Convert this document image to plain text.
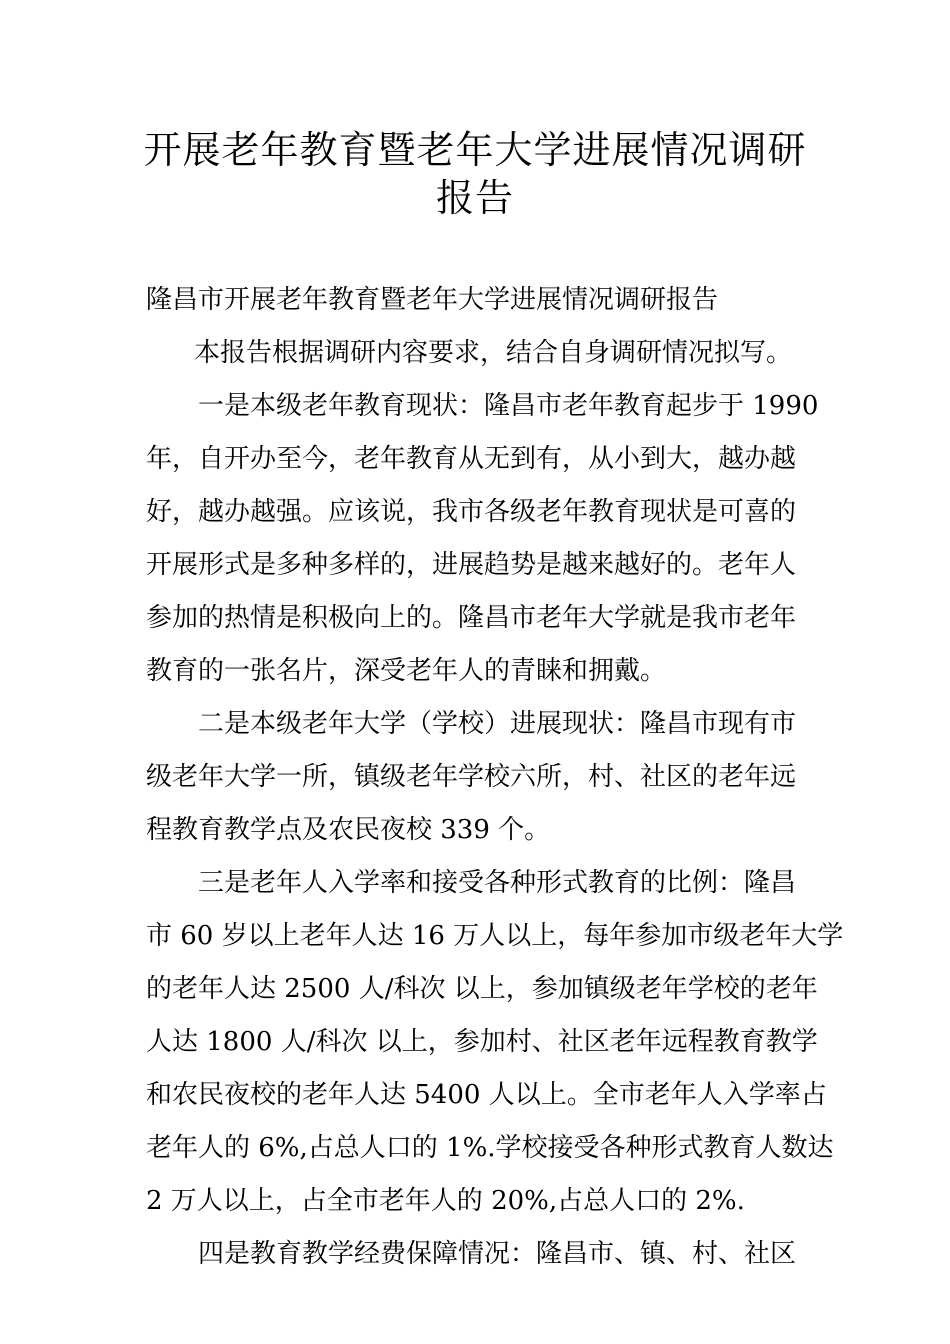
开展老年教育暨老年大学进展情况调研
报告

隆昌市开展老年教育暨老年大学进展情况调研报告

本报告根据调研内容要求，结合自身调研情况拟写。

一是本级老年教育现状：隆昌市老年教育起步于 1990
年，自开办至今，老年教育从无到有，从小到大，越办越
好，越办越强。应该说，我市各级老年教育现状是可喜的
开展形式是多种多样的，进展趋势是越来越好的。老年人
参加的热情是积极向上的。隆昌市老年大学就是我市老年
教育的一张名片，深受老年人的青睐和拥戴。

二是本级老年大学（学校）进展现状：隆昌市现有市
级老年大学一所，镇级老年学校六所，村、社区的老年远
程教育教学点及农民夜校 339 个。

三是老年人入学率和接受各种形式教育的比例：隆昌
市 60 岁以上老年人达 16 万人以上，每年参加市级老年大学
的老年人达 2500 人/科次 以上，参加镇级老年学校的老年
人达 1800 人/科次 以上，参加村、社区老年远程教育教学
和农民夜校的老年人达 5400 人以上。全市老年人入学率占
老年人的 6%,占总人口的 1%.学校接受各种形式教育人数达
2 万人以上，占全市老年人的 20%,占总人口的 2%.

四是教育教学经费保障情况：隆昌市、镇、村、社区
